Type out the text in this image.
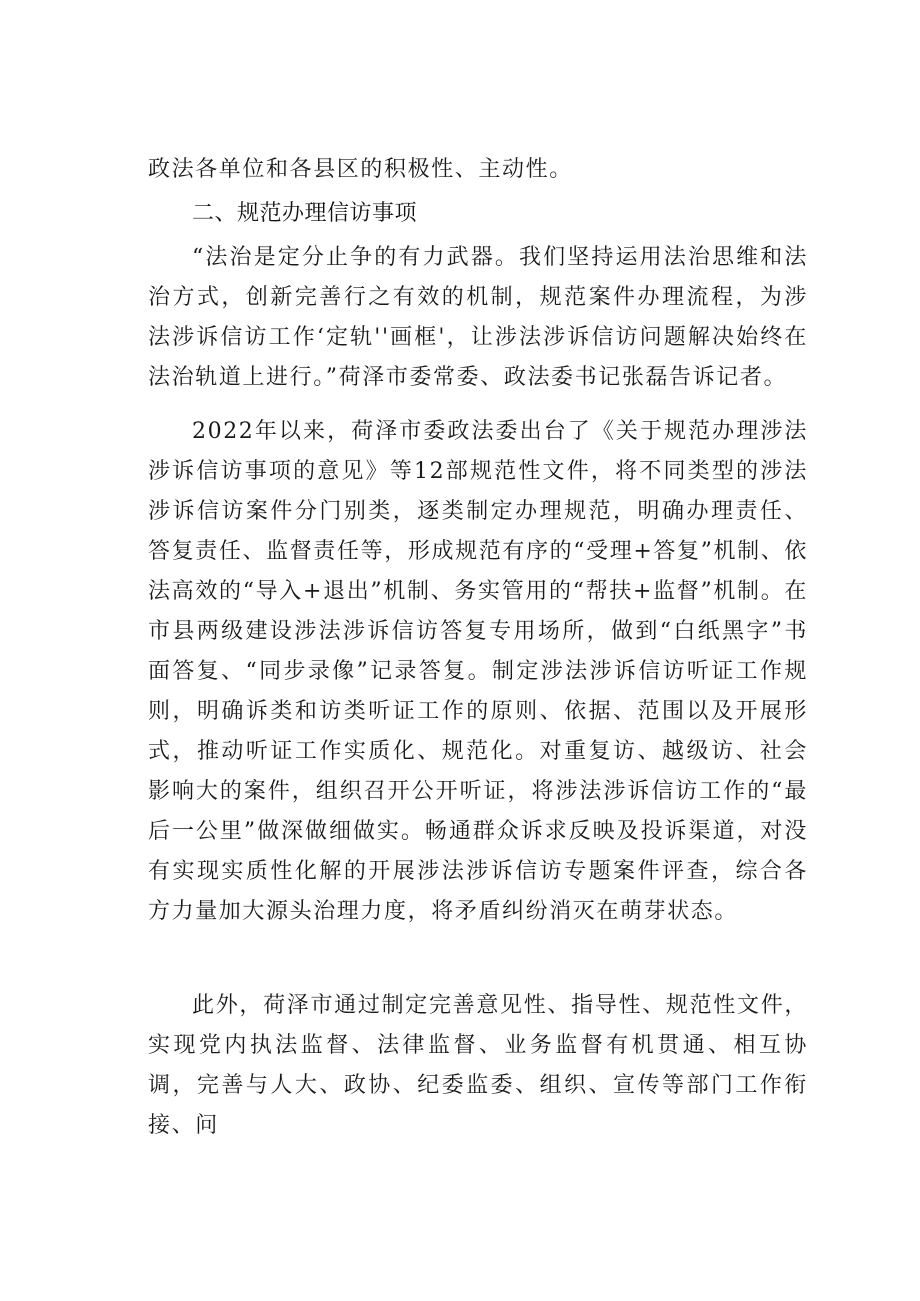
政法各单位和各县区的积极性、主动性。

二、规范办理信访事项

“法治是定分止争的有力武器。我们坚持运用法治思维和法治方式，创新完善行之有效的机制，规范案件办理流程，为涉法涉诉信访工作‘定轨''画框'，让涉法涉诉信访问题解决始终在法治轨道上进行。”荷泽市委常委、政法委书记张磊告诉记者。

2022年以来，荷泽市委政法委出台了《关于规范办理涉法涉诉信访事项的意见》等12部规范性文件，将不同类型的涉法涉诉信访案件分门别类，逐类制定办理规范，明确办理责任、答复责任、监督责任等，形成规范有序的“受理+答复”机制、依法高效的“导入+退出”机制、务实管用的“帮扶+监督”机制。在市县两级建设涉法涉诉信访答复专用场所，做到“白纸黑字”书面答复、“同步录像”记录答复。制定涉法涉诉信访听证工作规则，明确诉类和访类听证工作的原则、依据、范围以及开展形式，推动听证工作实质化、规范化。对重复访、越级访、社会影响大的案件，组织召开公开听证，将涉法涉诉信访工作的“最后一公里”做深做细做实。畅通群众诉求反映及投诉渠道，对没有实现实质性化解的开展涉法涉诉信访专题案件评查，综合各方力量加大源头治理力度，将矛盾纠纷消灭在萌芽状态。

此外，荷泽市通过制定完善意见性、指导性、规范性文件，实现党内执法监督、法律监督、业务监督有机贯通、相互协调，完善与人大、政协、纪委监委、组织、宣传等部门工作衔接、问
